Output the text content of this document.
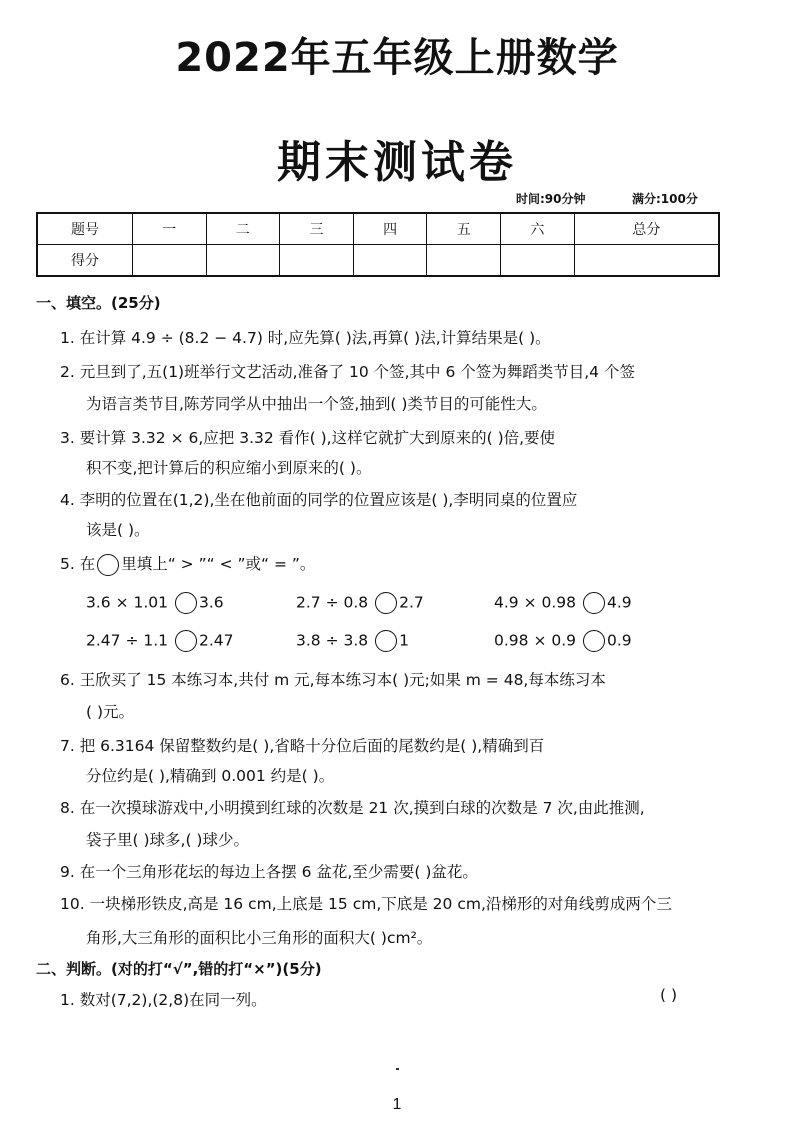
2022年五年级上册数学
期末测试卷
时间:90分钟	满分:100分
题号	一	二	三	四	五	六	总分
得分							
一、填空。(25分)
1. 在计算 4.9 ÷ (8.2 − 4.7) 时,应先算( )法,再算( )法,计算结果是( )。
2. 元旦到了,五(1)班举行文艺活动,准备了 10 个签,其中 6 个签为舞蹈类节目,4 个签
为语言类节目,陈芳同学从中抽出一个签,抽到( )类节目的可能性大。
3. 要计算 3.32 × 6,应把 3.32 看作( ),这样它就扩大到原来的( )倍,要使
积不变,把计算后的积应缩小到原来的( )。
4. 李明的位置在(1,2),坐在他前面的同学的位置应该是( ),李明同桌的位置应
该是( )。
5. 在 里填上“ > ”“ < ”或“ = ”。
3.6 × 1.01 3.6	2.7 ÷ 0.8 2.7	4.9 × 0.98 4.9
2.47 ÷ 1.1 2.47	3.8 ÷ 3.8 1	0.98 × 0.9 0.9
6. 王欣买了 15 本练习本,共付 m 元,每本练习本( )元;如果 m = 48,每本练习本
( )元。
7. 把 6.3164 保留整数约是( ),省略十分位后面的尾数约是( ),精确到百
分位约是( ),精确到 0.001 约是( )。
8. 在一次摸球游戏中,小明摸到红球的次数是 21 次,摸到白球的次数是 7 次,由此推测,
袋子里( )球多,( )球少。
9. 在一个三角形花坛的每边上各摆 6 盆花,至少需要( )盆花。
10. 一块梯形铁皮,高是 16 cm,上底是 15 cm,下底是 20 cm,沿梯形的对角线剪成两个三
角形,大三角形的面积比小三角形的面积大( )cm²。
二、判断。(对的打“√”,错的打“×”)(5分)
1. 数对(7,2),(2,8)在同一列。	( )
1
